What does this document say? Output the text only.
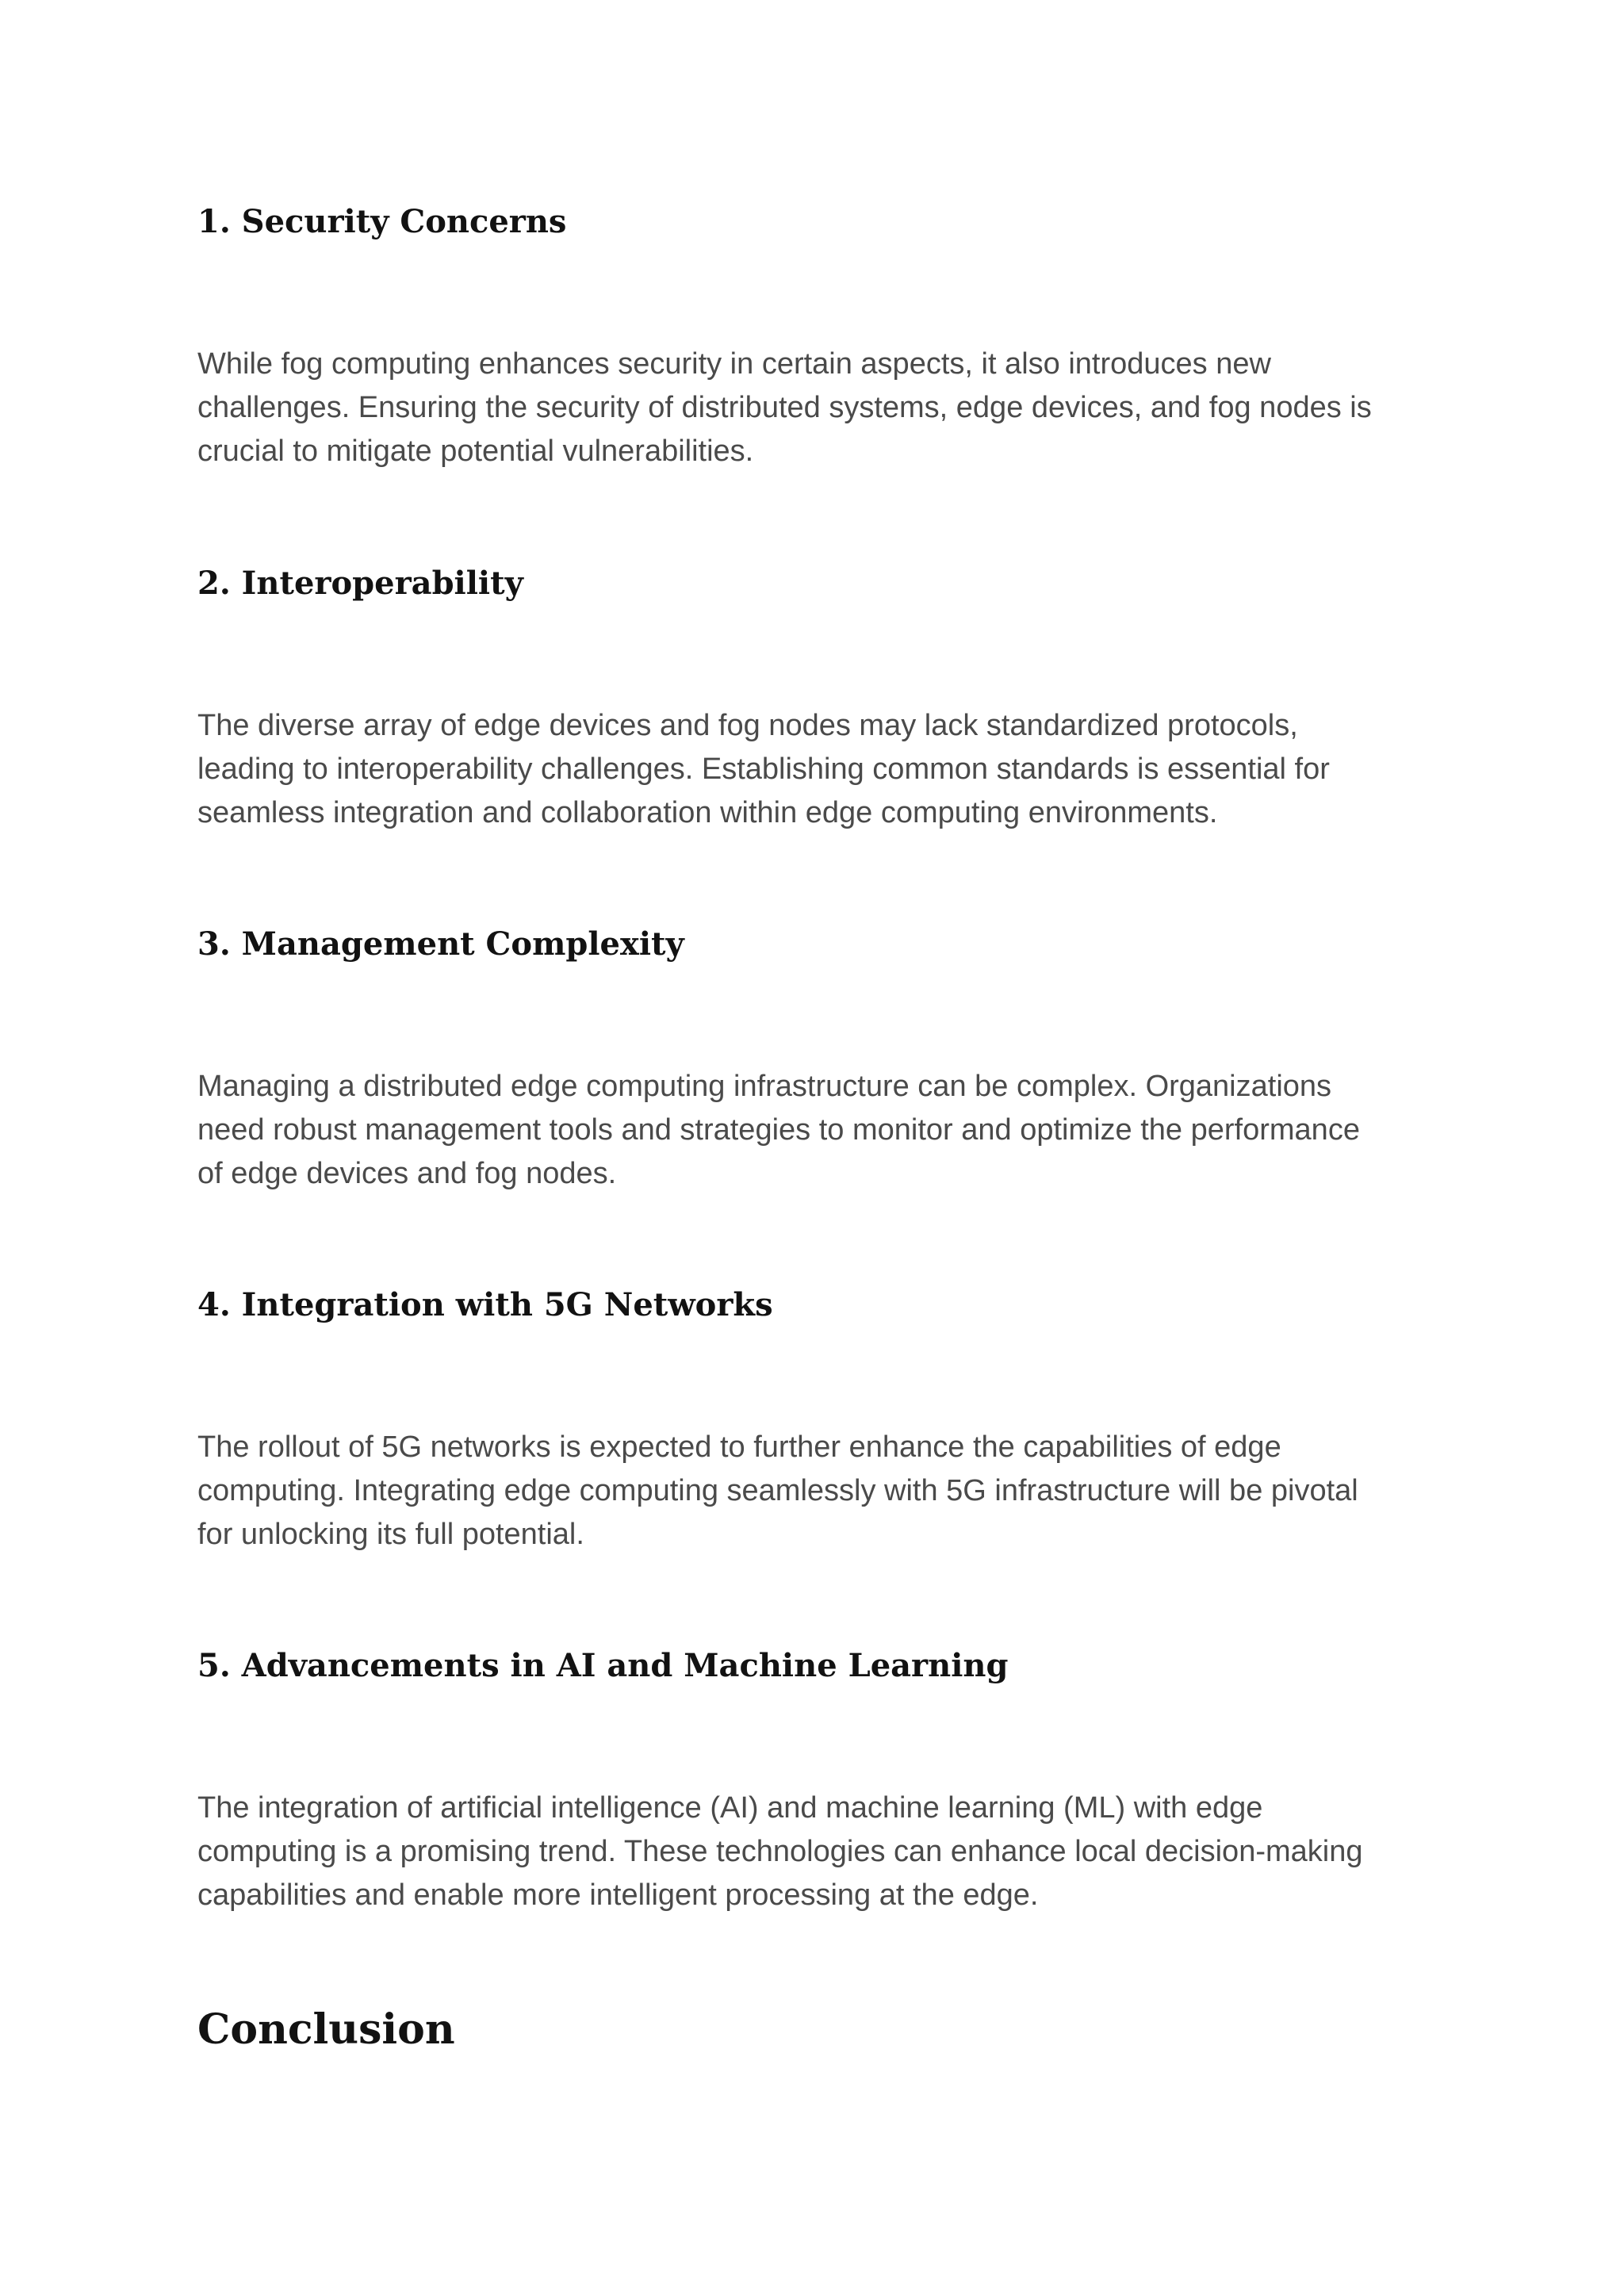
1. Security Concerns

While fog computing enhances security in certain aspects, it also introduces new
challenges. Ensuring the security of distributed systems, edge devices, and fog nodes is
crucial to mitigate potential vulnerabilities.

2. Interoperability

The diverse array of edge devices and fog nodes may lack standardized protocols,
leading to interoperability challenges. Establishing common standards is essential for
seamless integration and collaboration within edge computing environments.

3. Management Complexity

Managing a distributed edge computing infrastructure can be complex. Organizations
need robust management tools and strategies to monitor and optimize the performance
of edge devices and fog nodes.

4. Integration with 5G Networks

The rollout of 5G networks is expected to further enhance the capabilities of edge
computing. Integrating edge computing seamlessly with 5G infrastructure will be pivotal
for unlocking its full potential.

5. Advancements in AI and Machine Learning

The integration of artificial intelligence (AI) and machine learning (ML) with edge
computing is a promising trend. These technologies can enhance local decision-making
capabilities and enable more intelligent processing at the edge.

Conclusion
